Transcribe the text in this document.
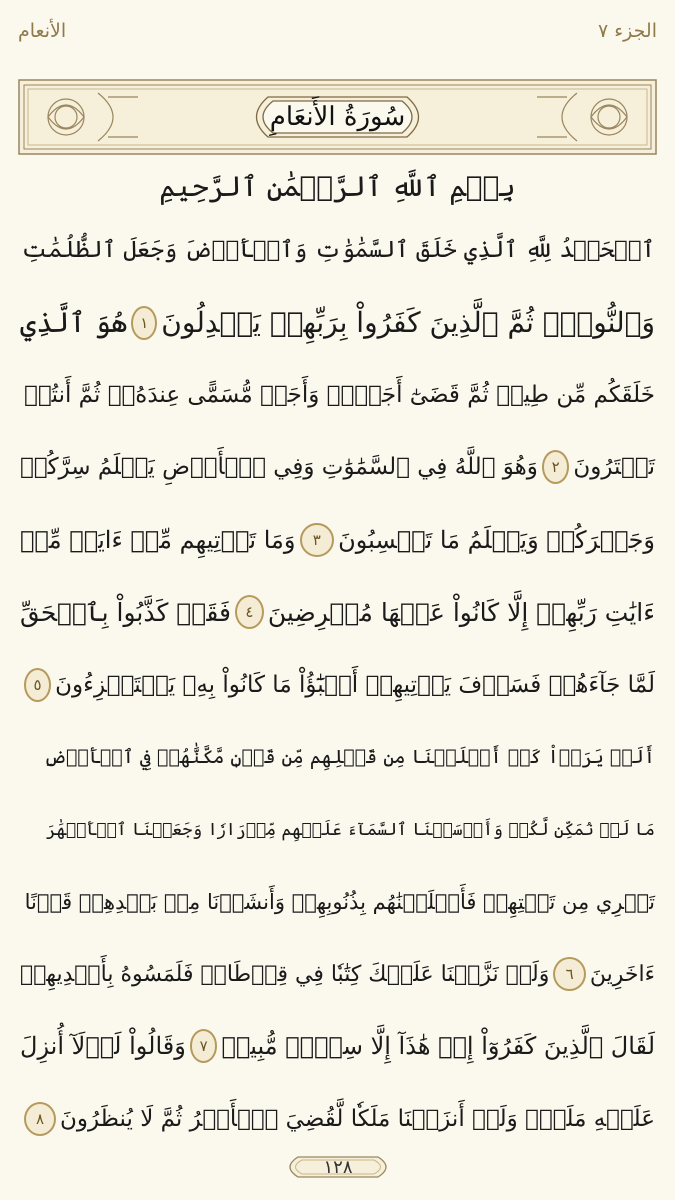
الجزء ٧
الأنعام
سُورَةُ الأَنعَامِ
بِسۡمِ ٱللَّهِ ٱلرَّحۡمَٰنِ ٱلرَّحِيمِ
ٱلۡحَمۡدُ لِلَّهِ ٱلَّذِي خَلَقَ ٱلسَّمَٰوَٰتِ وَٱلۡأَرۡضَ وَجَعَلَ ٱلظُّلُمَٰتِ
وَٱلنُّورَۖ ثُمَّ ٱلَّذِينَ كَفَرُواْ بِرَبِّهِمۡ يَعۡدِلُونَ
١
هُوَ ٱلَّذِي
خَلَقَكُم مِّن طِينٖ ثُمَّ قَضَىٰٓ أَجَلٗاۖ وَأَجَلٞ مُّسَمًّى عِندَهُۥۖ ثُمَّ أَنتُمۡ
تَمۡتَرُونَ
٢
وَهُوَ ٱللَّهُ فِي ٱلسَّمَٰوَٰتِ وَفِي ٱلۡأَرۡضِ يَعۡلَمُ سِرَّكُمۡ
وَجَهۡرَكُمۡ وَيَعۡلَمُ مَا تَكۡسِبُونَ
٣
وَمَا تَأۡتِيهِم مِّنۡ ءَايَةٖ مِّنۡ
ءَايَٰتِ رَبِّهِمۡ إِلَّا كَانُواْ عَنۡهَا مُعۡرِضِينَ
٤
فَقَدۡ كَذَّبُواْ بِٱلۡحَقِّ
لَمَّا جَآءَهُمۡ فَسَوۡفَ يَأۡتِيهِمۡ أَنۢبَٰٓؤُاْ مَا كَانُواْ بِهِۦ يَسۡتَهۡزِءُونَ
٥
أَلَمۡ يَرَوۡاْ كَمۡ أَهۡلَكۡنَا مِن قَبۡلِهِم مِّن قَرۡنٖ مَّكَّنَّٰهُمۡ فِي ٱلۡأَرۡضِ
مَا لَمۡ نُمَكِّن لَّكُمۡ وَأَرۡسَلۡنَا ٱلسَّمَآءَ عَلَيۡهِم مِّدۡرَارٗا وَجَعَلۡنَا ٱلۡأَنۡهَٰرَ
تَجۡرِي مِن تَحۡتِهِمۡ فَأَهۡلَكۡنَٰهُم بِذُنُوبِهِمۡ وَأَنشَأۡنَا مِنۢ بَعۡدِهِمۡ قَرۡنًا
ءَاخَرِينَ
٦
وَلَوۡ نَزَّلۡنَا عَلَيۡكَ كِتَٰبٗا فِي قِرۡطَاسٖ فَلَمَسُوهُ بِأَيۡدِيهِمۡ
لَقَالَ ٱلَّذِينَ كَفَرُوٓاْ إِنۡ هَٰذَآ إِلَّا سِحۡرٞ مُّبِينٞ
٧
وَقَالُواْ لَوۡلَآ أُنزِلَ
عَلَيۡهِ مَلَكٞۖ وَلَوۡ أَنزَلۡنَا مَلَكٗا لَّقُضِيَ ٱلۡأَمۡرُ ثُمَّ لَا يُنظَرُونَ
٨
١٢٨
